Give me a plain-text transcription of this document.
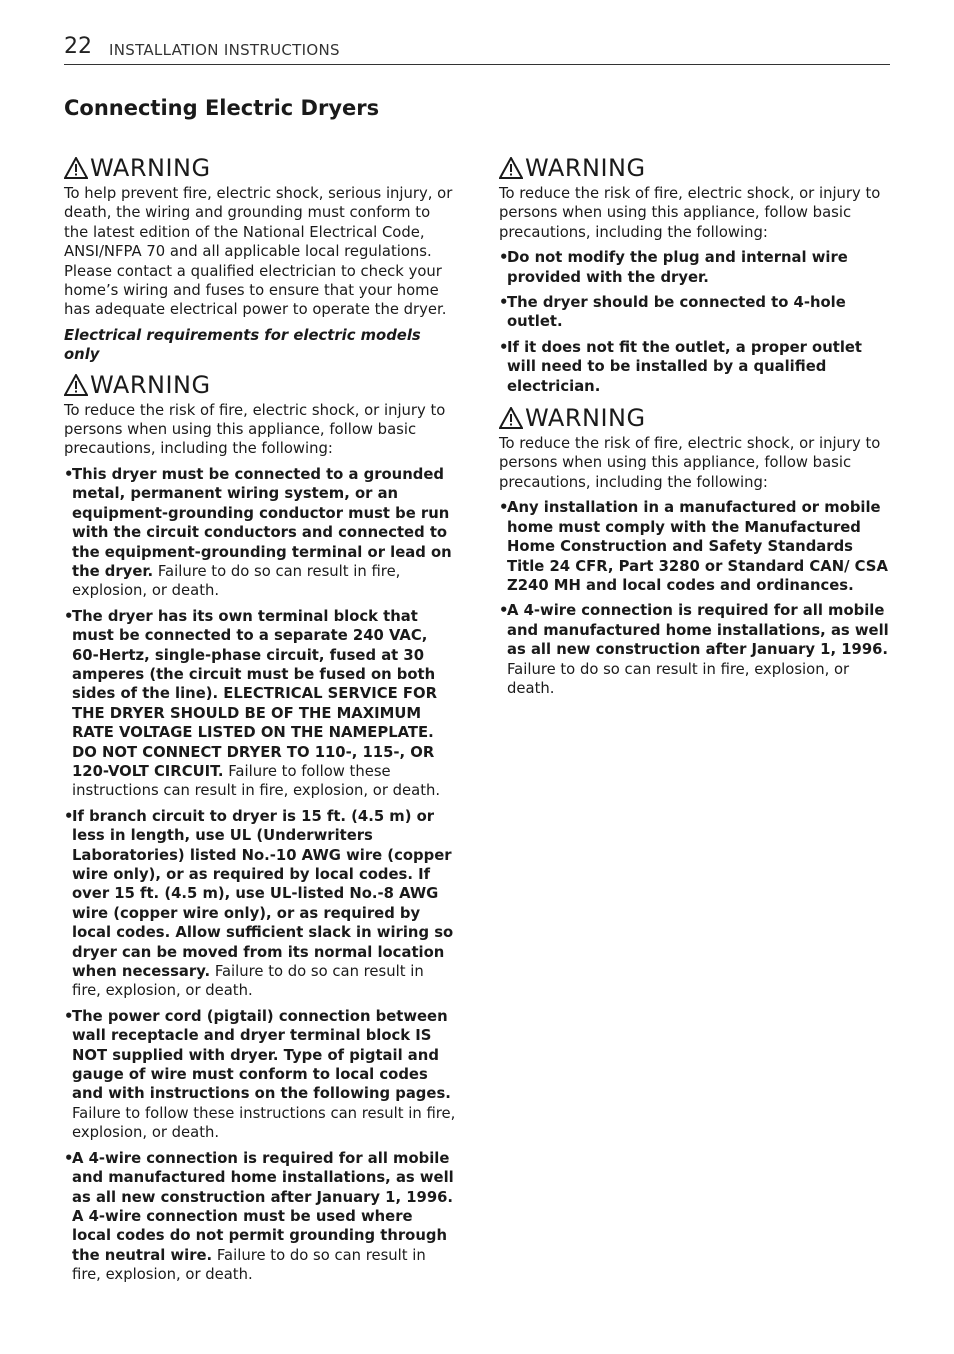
22 INSTALLATION INSTRUCTIONS
Connecting Electric Dryers
WARNING

To help prevent fire, electric shock, serious injury, or death, the wiring and grounding must conform to the latest edition of the National Electrical Code, ANSI/NFPA 70 and all applicable local regulations. Please contact a qualified electrician to check your home’s wiring and fuses to ensure that your home has adequate electrical power to operate the dryer.

Electrical requirements for electric models only

WARNING

To reduce the risk of fire, electric shock, or injury to persons when using this appliance, follow basic precautions, including the following:

•
This dryer must be connected to a grounded metal, permanent wiring system, or an equipment-grounding conductor must be run with the circuit conductors and connected to the equipment-grounding terminal or lead on the dryer. Failure to do so can result in fire, explosion, or death.
•
The dryer has its own terminal block that must be connected to a separate 240 VAC, 60-Hertz, single-phase circuit, fused at 30 amperes (the circuit must be fused on both sides of the line). ELECTRICAL SERVICE FOR THE DRYER SHOULD BE OF THE MAXIMUM RATE VOLTAGE LISTED ON THE NAMEPLATE. DO NOT CONNECT DRYER TO 110-, 115-, OR 120-VOLT CIRCUIT. Failure to follow these instructions can result in fire, explosion, or death.
•
If branch circuit to dryer is 15 ft. (4.5 m) or less in length, use UL (Underwriters Laboratories) listed No.-10 AWG wire (copper wire only), or as required by local codes. If over 15 ft. (4.5 m), use UL-listed No.-8 AWG wire (copper wire only), or as required by local codes. Allow sufficient slack in wiring so dryer can be moved from its normal location when necessary. Failure to do so can result in fire, explosion, or death.
•
The power cord (pigtail) connection between wall receptacle and dryer terminal block IS NOT supplied with dryer. Type of pigtail and gauge of wire must conform to local codes and with instructions on the following pages. Failure to follow these instructions can result in fire, explosion, or death.
•
A 4-wire connection is required for all mobile and manufactured home installations, as well as all new construction after January 1, 1996. A 4-wire connection must be used where local codes do not permit grounding through the neutral wire. Failure to do so can result in fire, explosion, or death.
WARNING

To reduce the risk of fire, electric shock, or injury to persons when using this appliance, follow basic precautions, including the following:

•
Do not modify the plug and internal wire provided with the dryer.
•
The dryer should be connected to 4-hole outlet.
•
If it does not fit the outlet, a proper outlet will need to be installed by a qualified electrician.
WARNING

To reduce the risk of fire, electric shock, or injury to persons when using this appliance, follow basic precautions, including the following:

•
Any installation in a manufactured or mobile home must comply with the Manufactured Home Construction and Safety Standards Title 24 CFR, Part 3280 or Standard CAN/ CSA Z240 MH and local codes and ordinances.
•
A 4-wire connection is required for all mobile and manufactured home installations, as well as all new construction after January 1, 1996. Failure to do so can result in fire, explosion, or death.
